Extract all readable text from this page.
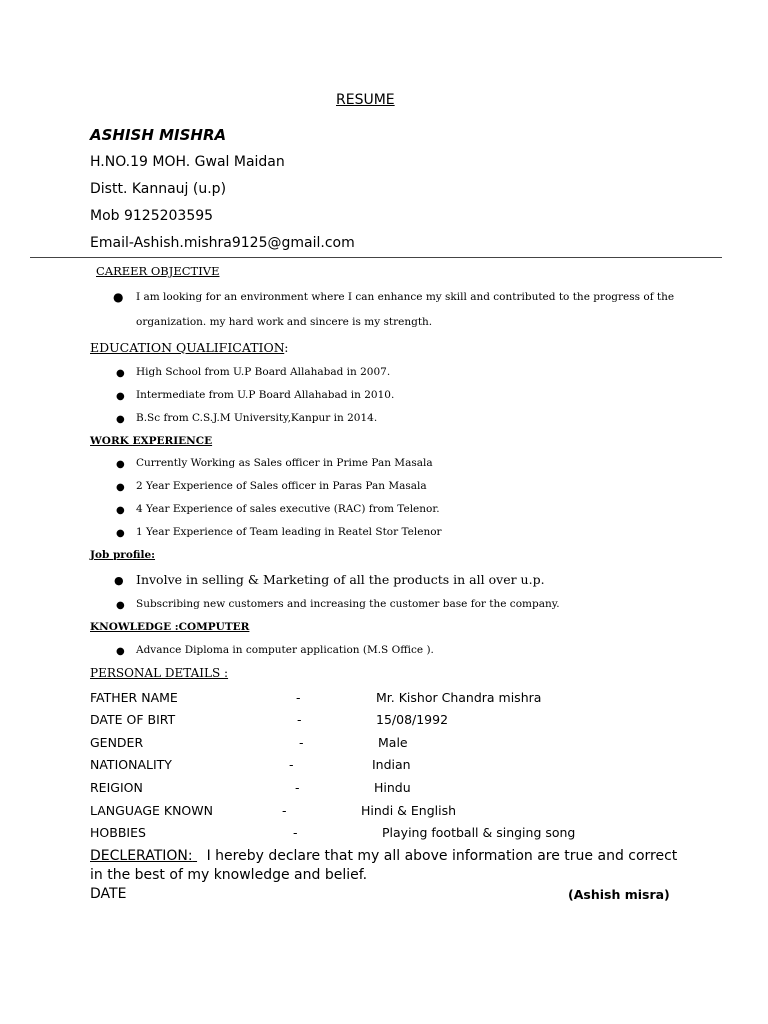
RESUME
ASHISH MISHRA
H.NO.19 MOH. Gwal Maidan
Distt. Kannauj (u.p)
Mob 9125203595
Email-Ashish.mishra9125@gmail.com
CAREER OBJECTIVE
● I am looking for an environment where I can enhance my skill and contributed to the progress of the
organization. my hard work and sincere is my strength.
EDUCATION QUALIFICATION:
● High School from U.P Board Allahabad in 2007.
● Intermediate from U.P Board Allahabad in 2010.
● B.Sc from C.S.J.M University,Kanpur in 2014.
WORK EXPERIENCE
● Currently Working as Sales officer in Prime Pan Masala
● 2 Year Experience of Sales officer in Paras Pan Masala
● 4 Year Experience of sales executive (RAC) from Telenor.
● 1 Year Experience of Team leading in Reatel Stor Telenor
Job profile:
● Involve in selling & Marketing of all the products in all over u.p.
● Subscribing new customers and increasing the customer base for the company.
KNOWLEDGE :COMPUTER
● Advance Diploma in computer application (M.S Office ).
PERSONAL DETAILS :
FATHER NAME	-	Mr. Kishor Chandra mishra
DATE OF BIRT	-	15/08/1992
GENDER	-	Male
NATIONALITY	-	Indian
REIGION	-	Hindu
LANGUAGE KNOWN	-	Hindi & English
HOBBIES	-	Playing football & singing song
DECLERATION: I hereby declare that my all above information are true and correct
in the best of my knowledge and belief.
DATE	(Ashish misra)
